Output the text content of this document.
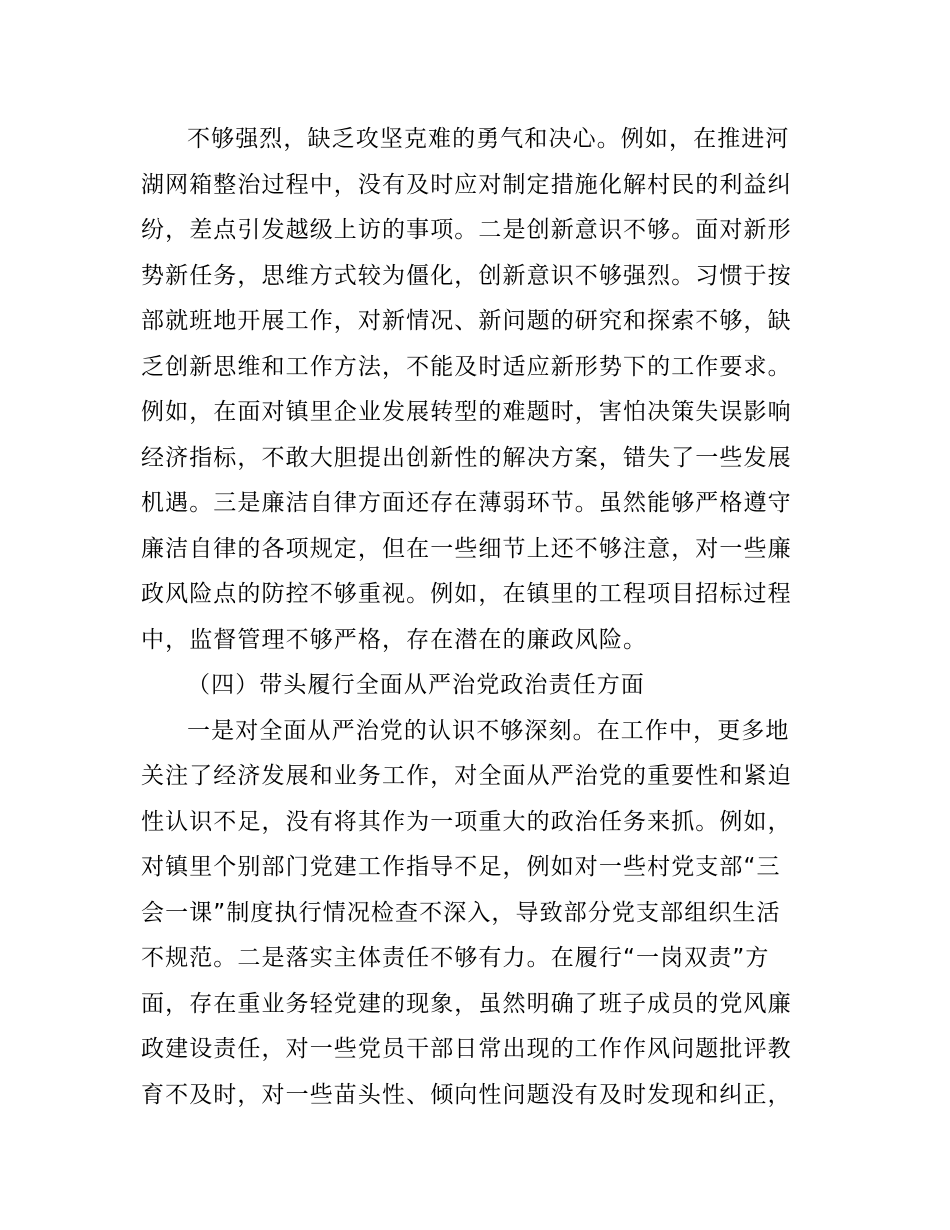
不够强烈，缺乏攻坚克难的勇气和决心。例如，在推进河
湖网箱整治过程中，没有及时应对制定措施化解村民的利益纠
纷，差点引发越级上访的事项。二是创新意识不够。面对新形
势新任务，思维方式较为僵化，创新意识不够强烈。习惯于按
部就班地开展工作，对新情况、新问题的研究和探索不够，缺
乏创新思维和工作方法，不能及时适应新形势下的工作要求。
例如，在面对镇里企业发展转型的难题时，害怕决策失误影响
经济指标，不敢大胆提出创新性的解决方案，错失了一些发展
机遇。三是廉洁自律方面还存在薄弱环节。虽然能够严格遵守
廉洁自律的各项规定，但在一些细节上还不够注意，对一些廉
政风险点的防控不够重视。例如，在镇里的工程项目招标过程
中，监督管理不够严格，存在潜在的廉政风险。
（四）带头履行全面从严治党政治责任方面
一是对全面从严治党的认识不够深刻。在工作中，更多地
关注了经济发展和业务工作，对全面从严治党的重要性和紧迫
性认识不足，没有将其作为一项重大的政治任务来抓。例如，
对镇里个别部门党建工作指导不足，例如对一些村党支部“三
会一课”制度执行情况检查不深入，导致部分党支部组织生活
不规范。二是落实主体责任不够有力。在履行“一岗双责”方
面，存在重业务轻党建的现象，虽然明确了班子成员的党风廉
政建设责任，对一些党员干部日常出现的工作作风问题批评教
育不及时，对一些苗头性、倾向性问题没有及时发现和纠正，
